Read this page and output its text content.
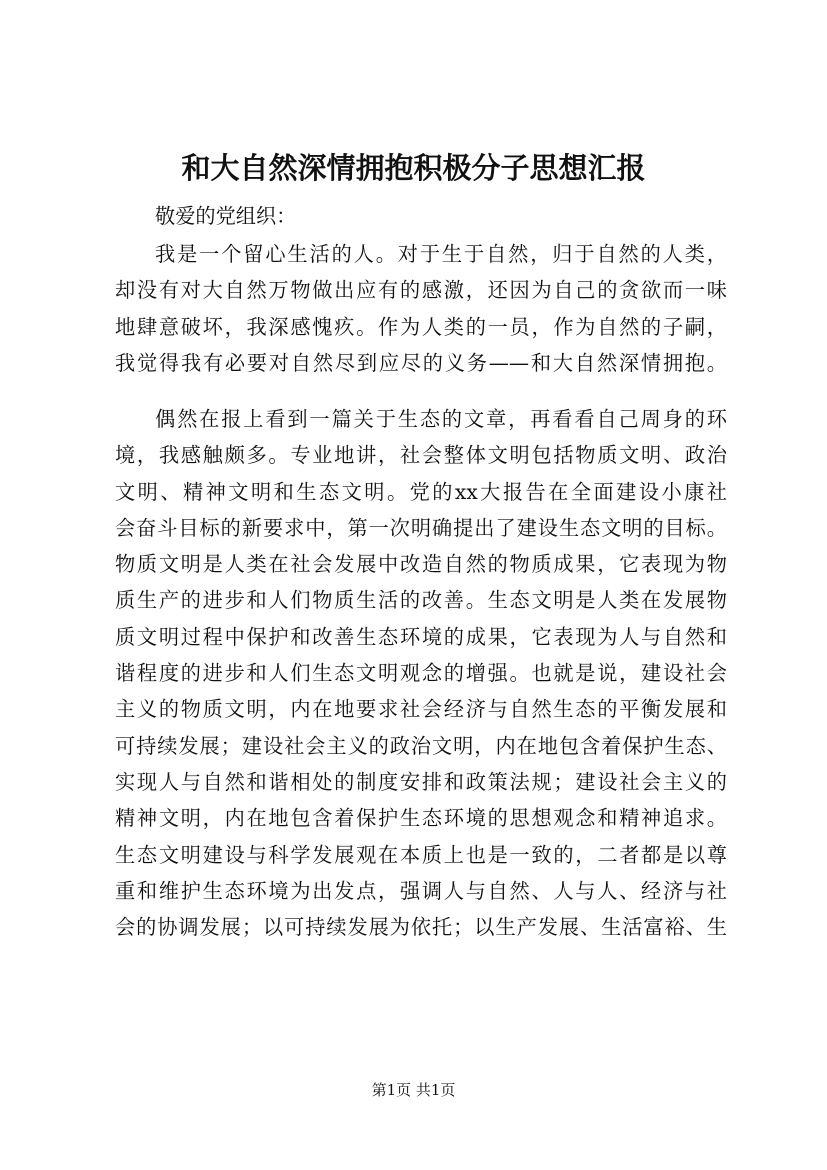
和大自然深情拥抱积极分子思想汇报

敬爱的党组织：

我是一个留心生活的人。对于生于自然，归于自然的人类，
却没有对大自然万物做出应有的感激，还因为自己的贪欲而一味
地肆意破坏，我深感愧疚。作为人类的一员，作为自然的子嗣，
我觉得我有必要对自然尽到应尽的义务——和大自然深情拥抱。

偶然在报上看到一篇关于生态的文章，再看看自己周身的环
境，我感触颇多。专业地讲，社会整体文明包括物质文明、政治
文明、精神文明和生态文明。党的xx大报告在全面建设小康社
会奋斗目标的新要求中，第一次明确提出了建设生态文明的目标。
物质文明是人类在社会发展中改造自然的物质成果，它表现为物
质生产的进步和人们物质生活的改善。生态文明是人类在发展物
质文明过程中保护和改善生态环境的成果，它表现为人与自然和
谐程度的进步和人们生态文明观念的增强。也就是说，建设社会
主义的物质文明，内在地要求社会经济与自然生态的平衡发展和
可持续发展；建设社会主义的政治文明，内在地包含着保护生态、
实现人与自然和谐相处的制度安排和政策法规；建设社会主义的
精神文明，内在地包含着保护生态环境的思想观念和精神追求。
生态文明建设与科学发展观在本质上也是一致的，二者都是以尊
重和维护生态环境为出发点，强调人与自然、人与人、经济与社
会的协调发展；以可持续发展为依托；以生产发展、生活富裕、生

第1页 共1页
